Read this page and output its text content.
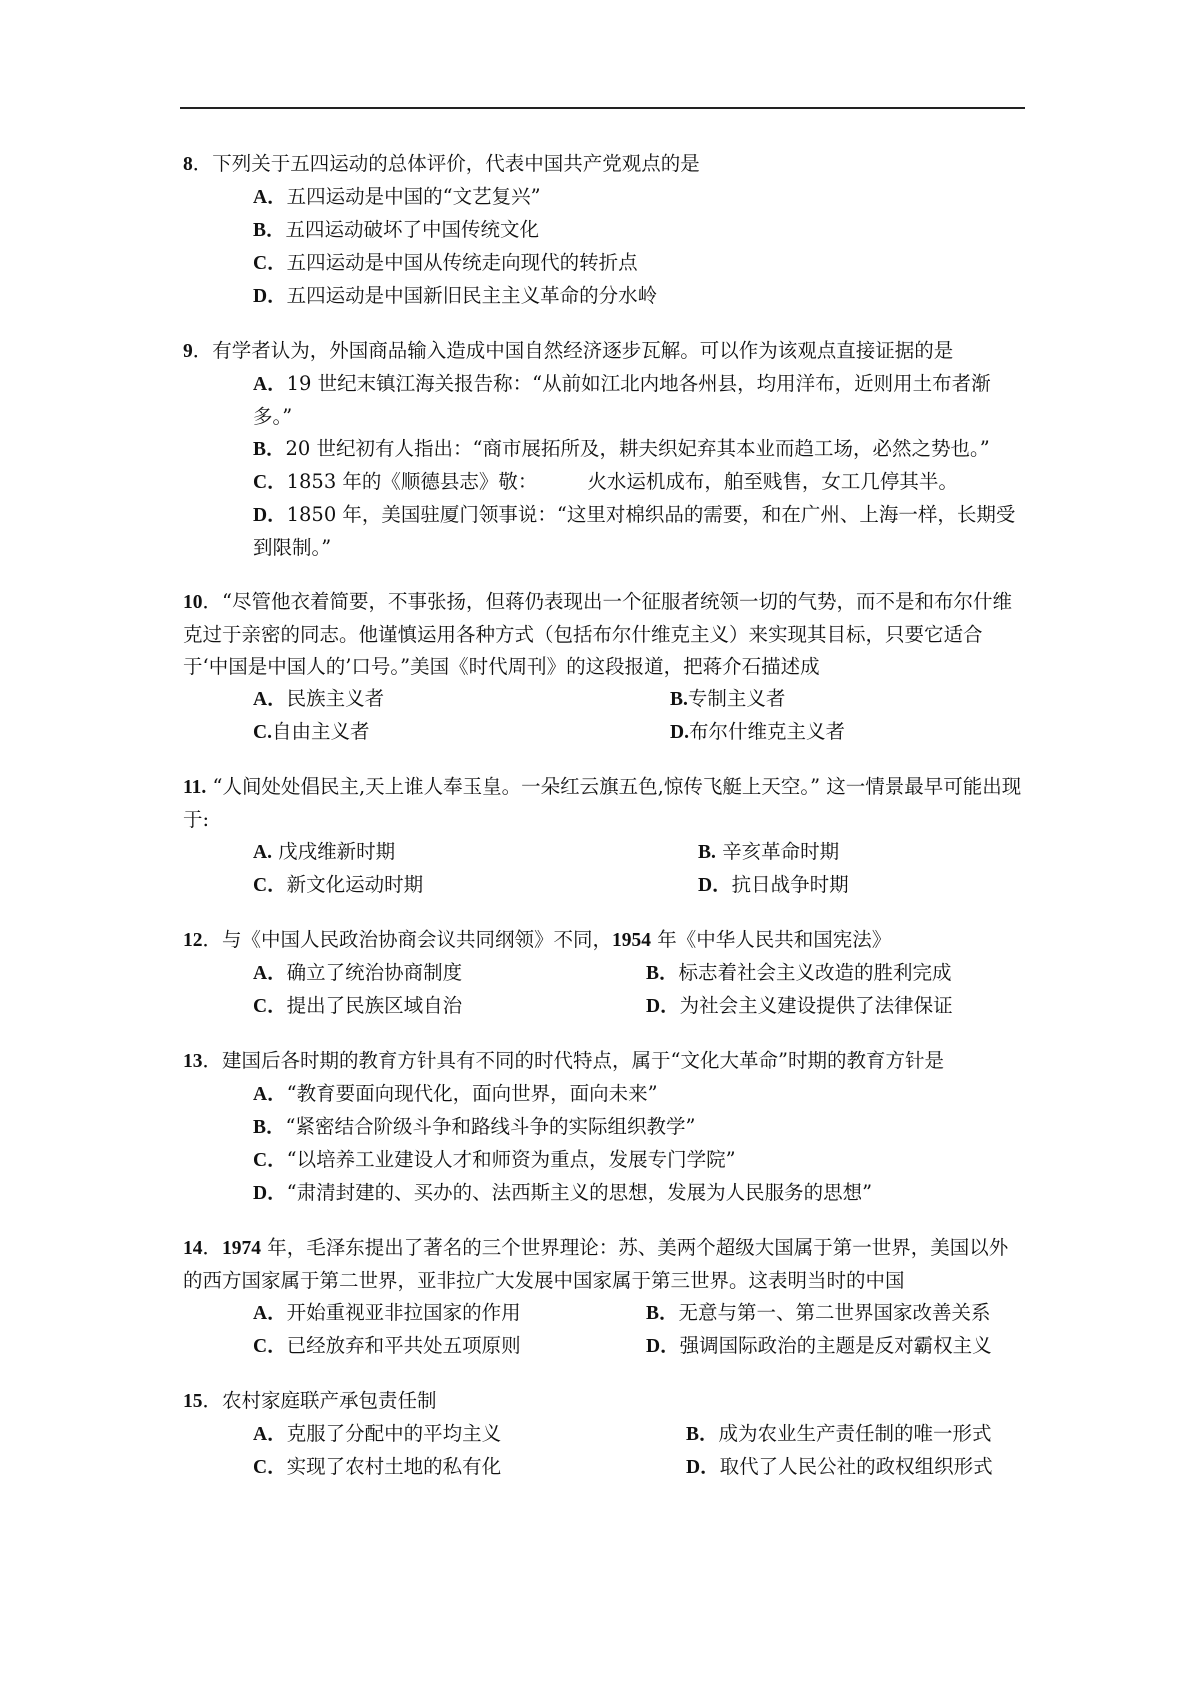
8．下列关于五四运动的总体评价，代表中国共产党观点的是
A．五四运动是中国的“文艺复兴”
B．五四运动破坏了中国传统文化
C．五四运动是中国从传统走向现代的转折点
D．五四运动是中国新旧民主主义革命的分水岭
9．有学者认为，外国商品输入造成中国自然经济逐步瓦解。可以作为该观点直接证据的是
A．19 世纪末镇江海关报告称：“从前如江北内地各州县，均用洋布，近则用土布者渐多。”
B．20 世纪初有人指出：“商市展拓所及，耕夫织妃弃其本业而趋工场，必然之势也。”
C．1853 年的《顺德县志》敬：	火水运机成布，舶至贱售，女工几停其半。
D．1850 年，美国驻厦门领事说：“这里对棉织品的需要，和在广州、上海一样，长期受到限制。”
10．“尽管他衣着简要，不事张扬，但蒋仍表现出一个征服者统领一切的气势，而不是和布尔什维克过于亲密的同志。他谨慎运用各种方式（包括布尔什维克主义）来实现其目标，只要它适合于‘中国是中国人的’口号。”美国《时代周刊》的这段报道，把蒋介石描述成
A．民族主义者	B.专制主义者
C.自由主义者	D.布尔什维克主义者
11. “人间处处倡民主,天上谁人奉玉皇。一朵红云旗五色,惊传飞艇上天空。” 这一情景最早可能出现于:
A. 戊戌维新时期	B. 辛亥革命时期
C．新文化运动时期	D．抗日战争时期
12．与《中国人民政治协商会议共同纲领》不同，1954 年《中华人民共和国宪法》
A．确立了统治协商制度	B．标志着社会主义改造的胜利完成
C．提出了民族区域自治	D．为社会主义建设提供了法律保证
13．建国后各时期的教育方针具有不同的时代特点，属于“文化大革命”时期的教育方针是
A．“教育要面向现代化，面向世界，面向未来”
B．“紧密结合阶级斗争和路线斗争的实际组织教学”
C．“以培养工业建设人才和师资为重点，发展专门学院”
D．“肃清封建的、买办的、法西斯主义的思想，发展为人民服务的思想”
14．1974 年，毛泽东提出了著名的三个世界理论：苏、美两个超级大国属于第一世界，美国以外的西方国家属于第二世界，亚非拉广大发展中国家属于第三世界。这表明当时的中国
A．开始重视亚非拉国家的作用	B．无意与第一、第二世界国家改善关系
C．已经放弃和平共处五项原则	D．强调国际政治的主题是反对霸权主义
15．农村家庭联产承包责任制
A．克服了分配中的平均主义	B．成为农业生产责任制的唯一形式
C．实现了农村土地的私有化	D．取代了人民公社的政权组织形式
